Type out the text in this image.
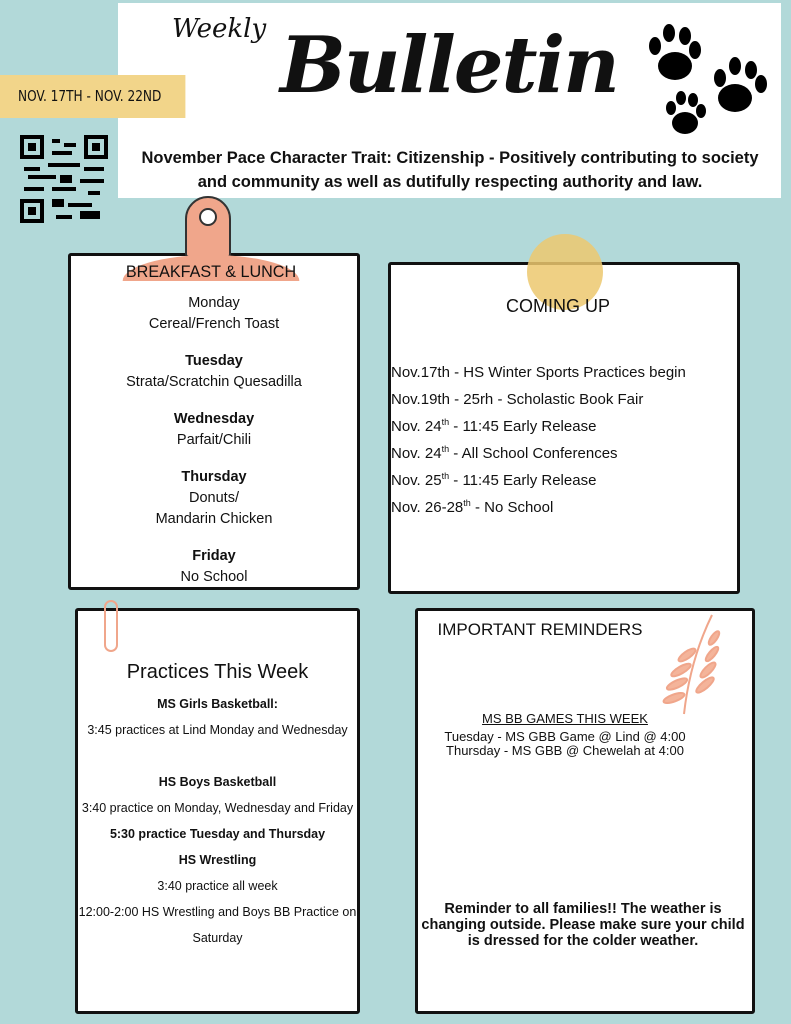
Weekly Bulletin
November Pace Character Trait: Citizenship - Positively contributing to society and community as well as dutifully respecting authority and law.
NOV. 17TH - NOV. 22ND
Monday
Cereal/French Toast
Tuesday
Strata/Scratchin Quesadilla
Wednesday
Parfait/Chili
Thursday
Donuts/
Mandarin Chicken
Friday
No School
BREAKFAST & LUNCH
Nov.17th - HS Winter Sports Practices begin
Nov.19th - 25rh - Scholastic Book Fair
Nov. 24th - 11:45 Early Release
Nov. 24th - All School Conferences
Nov. 25th - 11:45 Early Release
Nov. 26-28th - No School
COMING UP
Practices This Week
MS Girls Basketball:
3:45 practices at Lind Monday and Wednesday
HS Boys Basketball
3:40 practice on Monday, Wednesday and Friday
5:30 practice Tuesday and Thursday
HS Wrestling
3:40 practice all week
12:00-2:00 HS Wrestling and Boys BB Practice on Saturday
IMPORTANT REMINDERS
MS BB GAMES THIS WEEK
Tuesday - MS GBB Game @ Lind @ 4:00
Thursday - MS GBB @ Chewelah at 4:00
Reminder to all families!! The weather is changing outside. Please make sure your child is dressed for the colder weather.
